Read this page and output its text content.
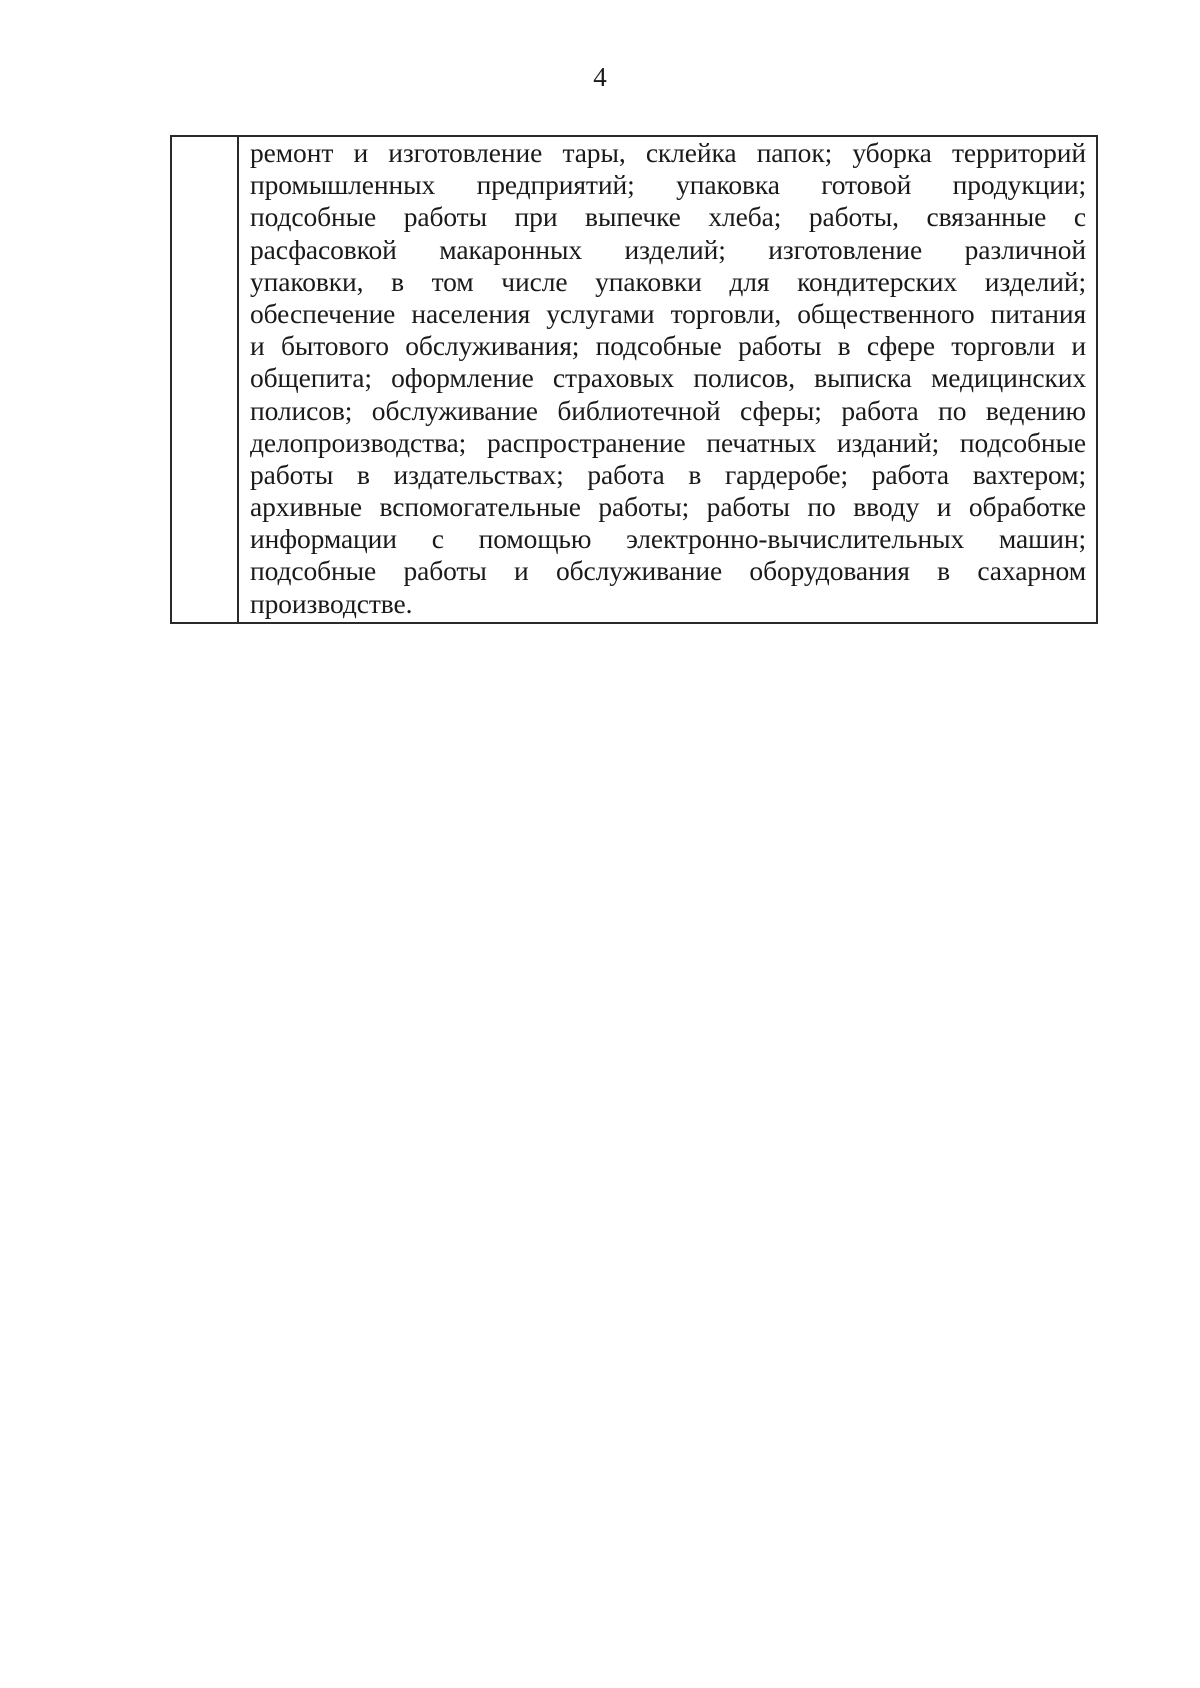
4
ремонт и изготовление тары, склейка папок; уборка территорий
промышленных предприятий; упаковка готовой продукции;
подсобные работы при выпечке хлеба; работы, связанные с
расфасовкой макаронных изделий; изготовление различной
упаковки, в том числе упаковки для кондитерских изделий;
обеспечение населения услугами торговли, общественного питания
и бытового обслуживания; подсобные работы в сфере торговли и
общепита; оформление страховых полисов, выписка медицинских
полисов; обслуживание библиотечной сферы; работа по ведению
делопроизводства; распространение печатных изданий; подсобные
работы в издательствах; работа в гардеробе; работа вахтером;
архивные вспомогательные работы; работы по вводу и обработке
информации с помощью электронно-вычислительных машин;
подсобные работы и обслуживание оборудования в сахарном
производстве.
